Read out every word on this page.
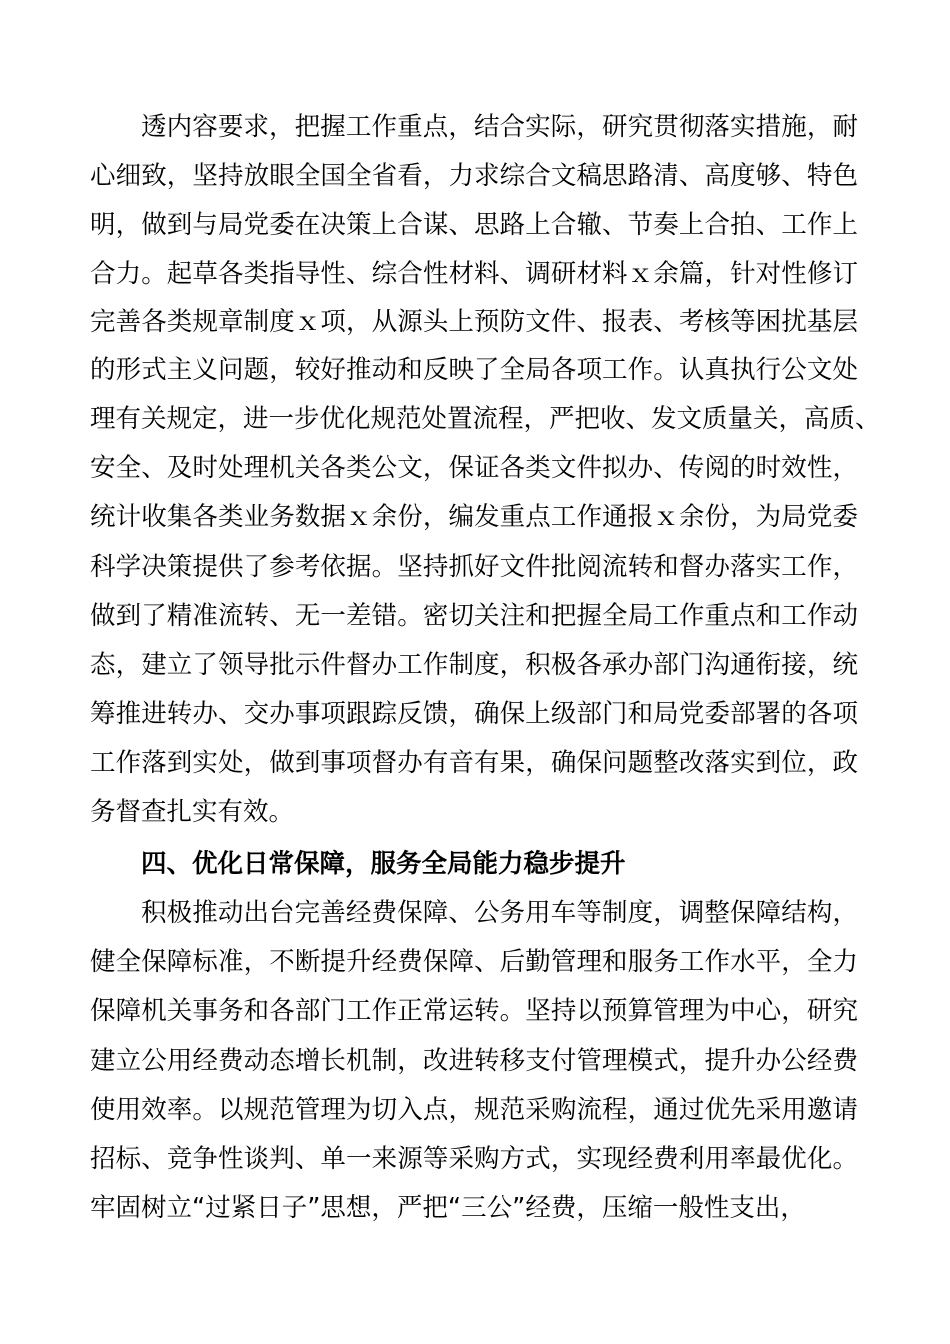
透内容要求，把握工作重点，结合实际，研究贯彻落实措施，耐
心细致，坚持放眼全国全省看，力求综合文稿思路清、高度够、特色
明，做到与局党委在决策上合谋、思路上合辙、节奏上合拍、工作上
合力。起草各类指导性、综合性材料、调研材料ｘ余篇，针对性修订
完善各类规章制度ｘ项，从源头上预防文件、报表、考核等困扰基层
的形式主义问题，较好推动和反映了全局各项工作。认真执行公文处
理有关规定，进一步优化规范处置流程，严把收、发文质量关，高质、
安全、及时处理机关各类公文，保证各类文件拟办、传阅的时效性，
统计收集各类业务数据ｘ余份，编发重点工作通报ｘ余份，为局党委
科学决策提供了参考依据。坚持抓好文件批阅流转和督办落实工作，
做到了精准流转、无一差错。密切关注和把握全局工作重点和工作动
态，建立了领导批示件督办工作制度，积极各承办部门沟通衔接，统
筹推进转办、交办事项跟踪反馈，确保上级部门和局党委部署的各项
工作落到实处，做到事项督办有音有果，确保问题整改落实到位，政
务督查扎实有效。
四、优化日常保障，服务全局能力稳步提升
积极推动出台完善经费保障、公务用车等制度，调整保障结构，
健全保障标准，不断提升经费保障、后勤管理和服务工作水平，全力
保障机关事务和各部门工作正常运转。坚持以预算管理为中心，研究
建立公用经费动态增长机制，改进转移支付管理模式，提升办公经费
使用效率。以规范管理为切入点，规范采购流程，通过优先采用邀请
招标、竞争性谈判、单一来源等采购方式，实现经费利用率最优化。
牢固树立“过紧日子”思想，严把“三公”经费，压缩一般性支出，
